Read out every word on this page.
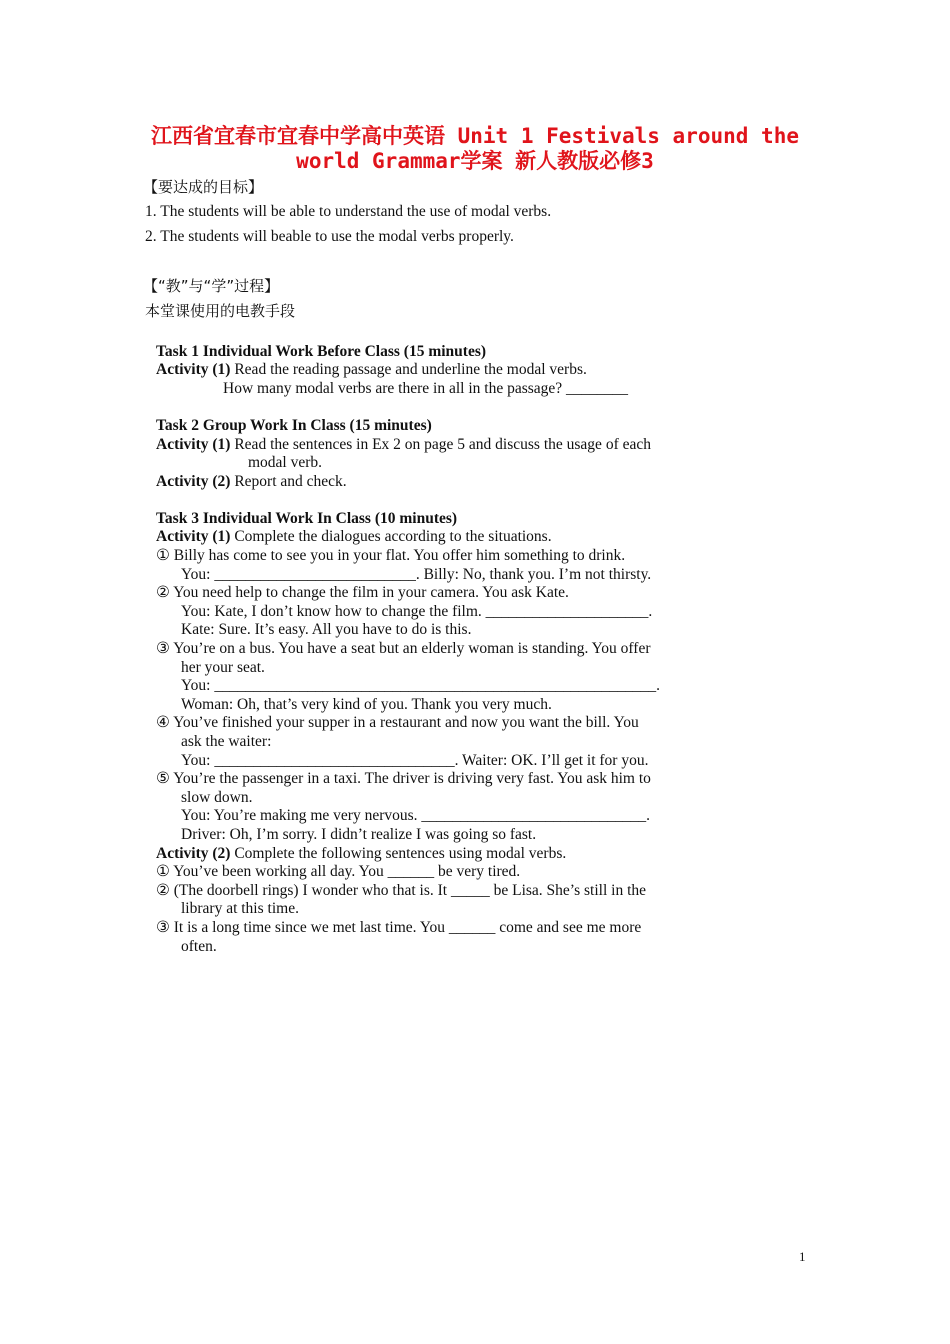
江西省宜春市宜春中学高中英语 Unit 1 Festivals around the
world Grammar学案 新人教版必修3
【要达成的目标】
1. The students will be able to understand the use of modal verbs.
2. The students will beable to use the modal verbs properly.
【“教”与“学”过程】
本堂课使用的电教手段
Task 1 Individual Work Before Class (15 minutes)
Activity (1) Read the reading passage and underline the modal verbs.
How many modal verbs are there in all in the passage? ________
Task 2 Group Work In Class (15 minutes)
Activity (1) Read the sentences in Ex 2 on page 5 and discuss the usage of each
modal verb.
Activity (2) Report and check.
Task 3 Individual Work In Class (10 minutes)
Activity (1) Complete the dialogues according to the situations.
① Billy has come to see you in your flat. You offer him something to drink.
You: __________________________. Billy: No, thank you. I’m not thirsty.
② You need help to change the film in your camera. You ask Kate.
You: Kate, I don’t know how to change the film. _____________________.
Kate: Sure. It’s easy. All you have to do is this.
③ You’re on a bus. You have a seat but an elderly woman is standing. You offer
her your seat.
You: _________________________________________________________.
Woman: Oh, that’s very kind of you. Thank you very much.
④ You’ve finished your supper in a restaurant and now you want the bill. You
ask the waiter:
You: _______________________________. Waiter: OK. I’ll get it for you.
⑤ You’re the passenger in a taxi. The driver is driving very fast. You ask him to
slow down.
You: You’re making me very nervous. _____________________________.
Driver: Oh, I’m sorry. I didn’t realize I was going so fast.
Activity (2) Complete the following sentences using modal verbs.
① You’ve been working all day. You ______ be very tired.
② (The doorbell rings) I wonder who that is. It _____ be Lisa. She’s still in the
library at this time.
③ It is a long time since we met last time. You ______ come and see me more
often.
1
